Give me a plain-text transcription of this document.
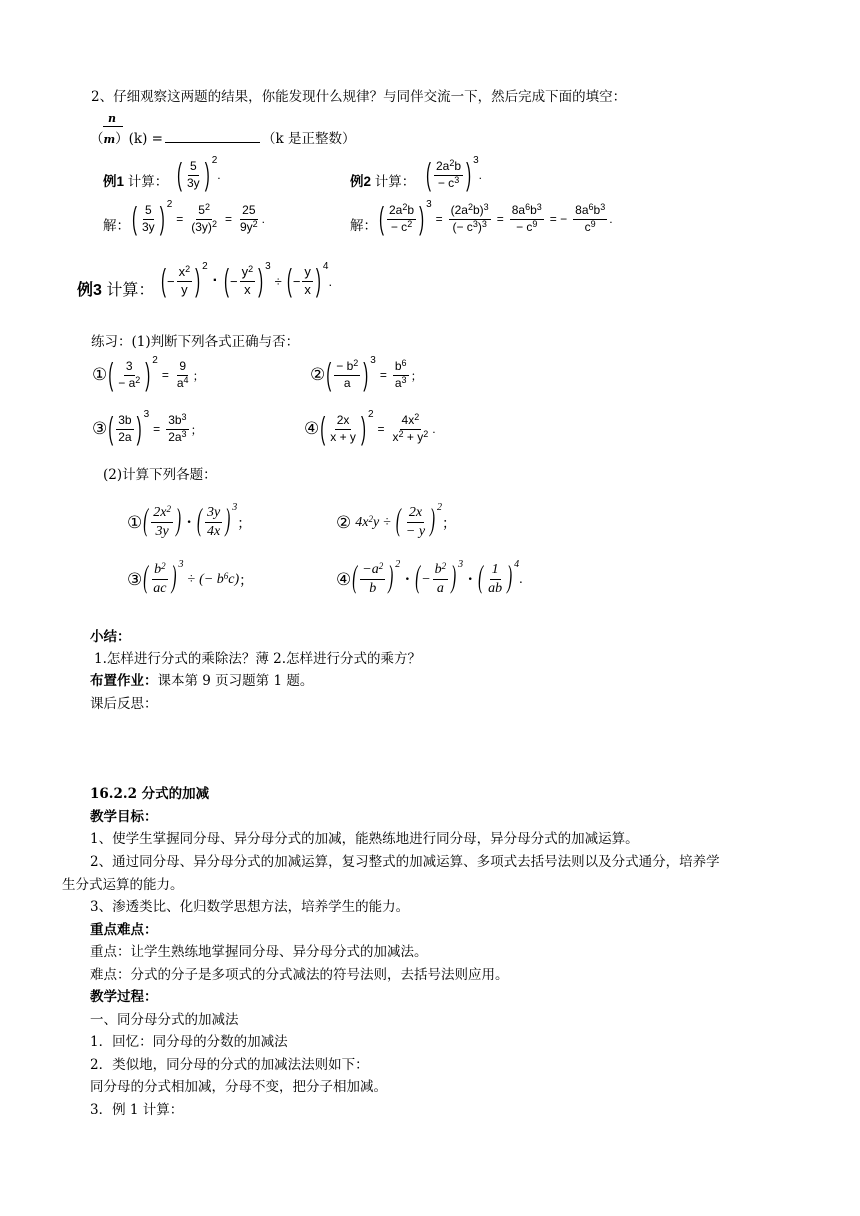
2、仔细观察这两题的结果，你能发现什么规律？与同伴交流一下，然后完成下面的填空：
n
（m）(k) =	（k 是正整数）
例1 计算： ( $\frac{5}{3y}$ ) 2
.
解： ( $\frac{5}{3y}$ ) 2
= $\frac{5^2}{(3y)^2} = \frac{25}{9y^2}$ .
例2 计算： ( $\frac{2a^2b}{- c^3}$ ) 3
.
解： ( $\frac{2a^2b}{- c^2}$ ) 3
= $\frac{(2a^2b)^3}{(- c^3)^3} = \frac{8a^6b^3}{- c^9}$ = − $\frac{8a^6b^3}{c^9}$ .
例3 计算： ( − $\frac{x^2}{y}$ ) 2
· ( − $\frac{y^2}{x}$ ) 3
÷ ( − $\frac{y}{x}$ ) 4
.
练习：(1)判断下列各式正确与否：
① ( $\frac{3}{- a^2}$ ) 2
= $\frac{9}{a^4}$ ；	② ( $\frac{- b^2}{a}$ ) 3
= $\frac{b^6}{a^3}$ ；
③ ( $\frac{3b}{2a}$ ) 3
= $\frac{3b^3}{2a^3}$ ；	④ ( $\frac{2x}{x + y}$ ) 2
= $\frac{4x^2}{x^2 + y^2}$ .
(2)计算下列各题：
① ( $\frac{2x^2}{3y}$ ) · ( $\frac{3y}{4x}$ ) 3
；	② $4x^2y$ ÷ ( $\frac{2x}{- y}$ ) 2
；
③ ( $\frac{b^2}{ac}$ ) 3
÷ (− $b^6c$) ；	④ ( $\frac{-a^2}{b}$ ) 2
· ( − $\frac{b^2}{a}$ ) 3
· ( $\frac{1}{ab}$ ) 4
.
小结：
1.怎样进行分式的乘除法？薄 2.怎样进行分式的乘方？
布置作业：课本第 9 页习题第 1 题。
课后反思：
16.2.2 分式的加减
教学目标：
1、使学生掌握同分母、异分母分式的加减，能熟练地进行同分母，异分母分式的加减运算。
2、通过同分母、异分母分式的加减运算，复习整式的加减运算、多项式去括号法则以及分式通分，培养学
生分式运算的能力。
3、渗透类比、化归数学思想方法，培养学生的能力。
重点难点：
重点：让学生熟练地掌握同分母、异分母分式的加减法。
难点：分式的分子是多项式的分式减法的符号法则，去括号法则应用。
教学过程：
一、同分母分式的加减法
1．回忆：同分母的分数的加减法
2．类似地，同分母的分式的加减法法则如下：
同分母的分式相加减，分母不变，把分子相加减。
3．例 1 计算：
